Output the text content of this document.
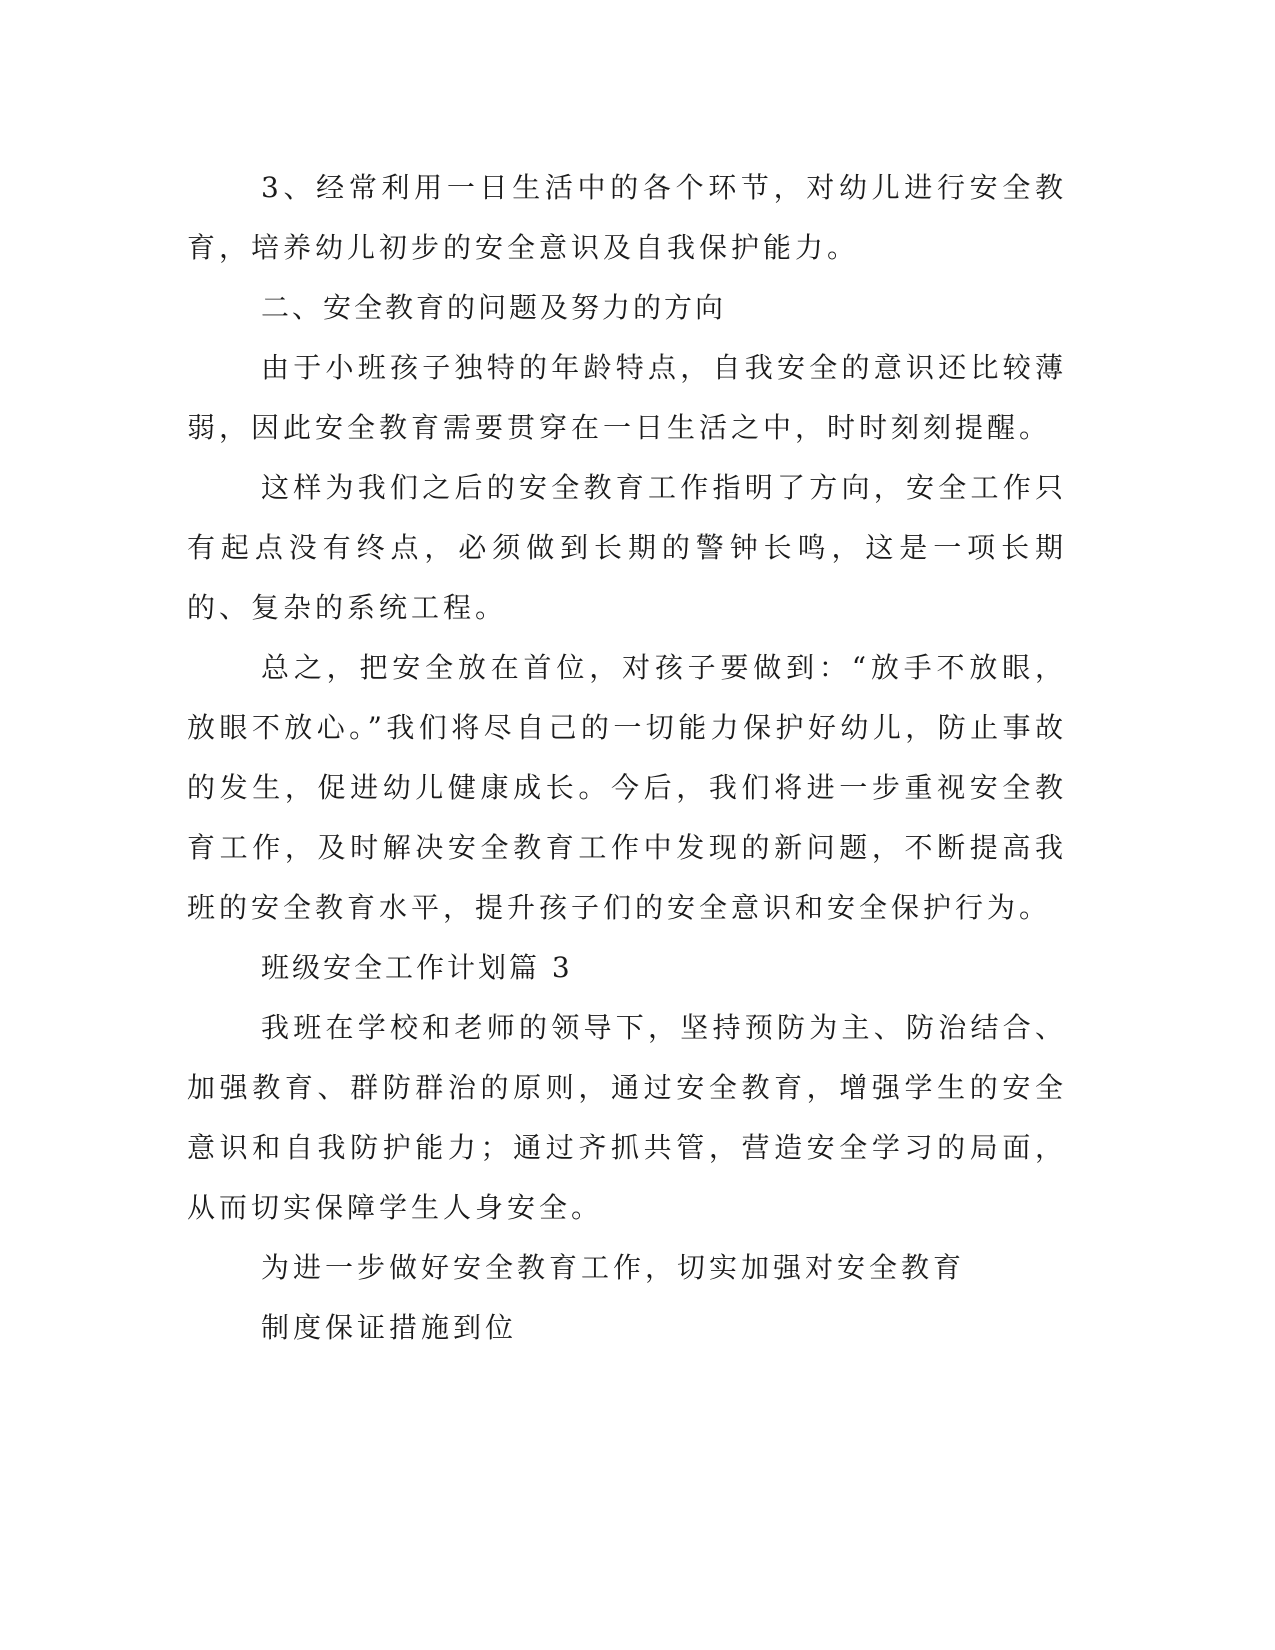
3、经常利用一日生活中的各个环节，对幼儿进行安全教育，培养幼儿初步的安全意识及自我保护能力。

二、安全教育的问题及努力的方向

由于小班孩子独特的年龄特点，自我安全的意识还比较薄弱，因此安全教育需要贯穿在一日生活之中，时时刻刻提醒。

这样为我们之后的安全教育工作指明了方向，安全工作只有起点没有终点，必须做到长期的警钟长鸣，这是一项长期的、复杂的系统工程。

总之，把安全放在首位，对孩子要做到：“放手不放眼，放眼不放心。”我们将尽自己的一切能力保护好幼儿，防止事故的发生，促进幼儿健康成长。今后，我们将进一步重视安全教育工作，及时解决安全教育工作中发现的新问题，不断提高我班的安全教育水平，提升孩子们的安全意识和安全保护行为。

班级安全工作计划篇 3

我班在学校和老师的领导下，坚持预防为主、防治结合、加强教育、群防群治的原则，通过安全教育，增强学生的安全意识和自我防护能力；通过齐抓共管，营造安全学习的局面，从而切实保障学生人身安全。

为进一步做好安全教育工作，切实加强对安全教育

制度保证措施到位
